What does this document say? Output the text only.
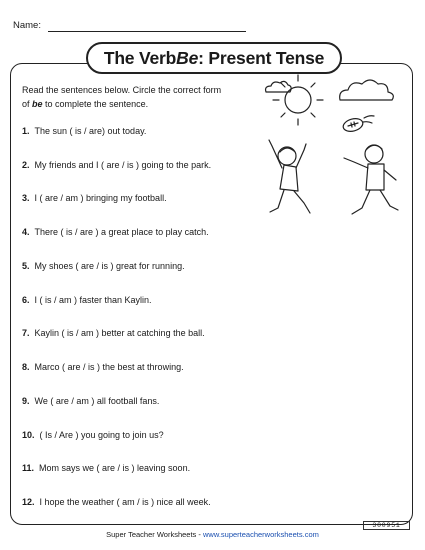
Name:
The Verb Be : Present Tense
Read the sentences below. Circle the correct form
of be to complete the sentence.
1. The sun ( is / are) out today.
2. My friends and I ( are / is ) going to the park.
3. I ( are / am ) bringing my football.
4. There ( is / are ) a great place to play catch.
5. My shoes ( are / is ) great for running.
6. I ( is / am ) faster than Kaylin.
7. Kaylin ( is / am ) better at catching the ball.
8. Marco ( are / is ) the best at throwing.
9. We ( are / am ) all football fans.
10. ( Is / Are ) you going to join us?
11. Mom says we ( are / is ) leaving soon.
12. I hope the weather ( am / is ) nice all week.
Super Teacher Worksheets - www.superteacherworksheets.com
300951
